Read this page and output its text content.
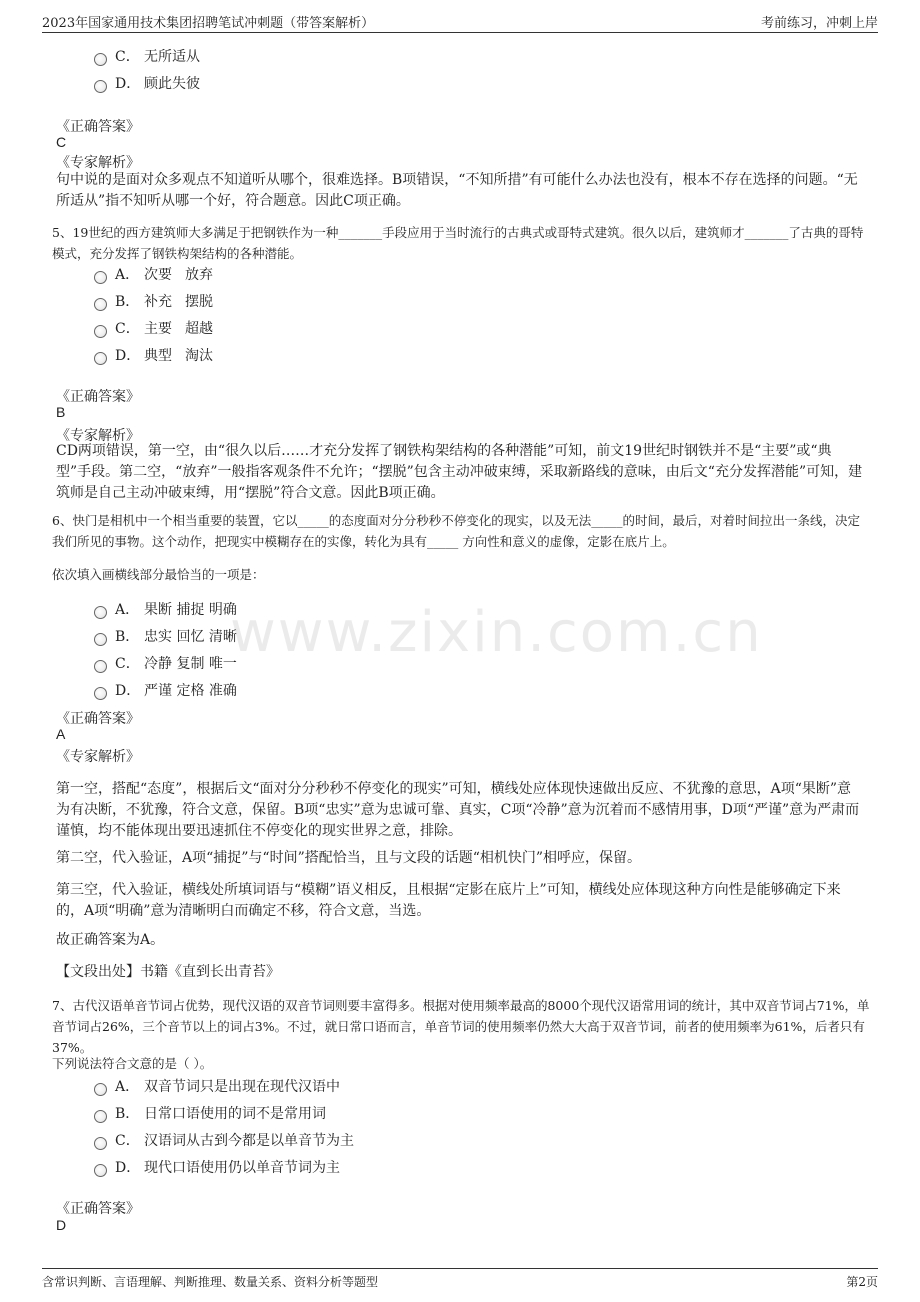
2023年国家通用技术集团招聘笔试冲刺题（带答案解析）	考前练习，冲刺上岸
www.zixin.com.cn
C． 无所适从
D． 顾此失彼
《正确答案》
C
《专家解析》
句中说的是面对众多观点不知道听从哪个，很难选择。B项错误，“不知所措”有可能什么办法也没有，根本不存在选择的问题。“无所适从”指不知听从哪一个好，符合题意。因此C项正确。
5、19世纪的西方建筑师大多满足于把钢铁作为一种_______手段应用于当时流行的古典式或哥特式建筑。很久以后，建筑师才_______了古典的哥特模式，充分发挥了钢铁构架结构的各种潜能。
A． 次要 放弃
B． 补充 摆脱
C． 主要 超越
D． 典型 淘汰
《正确答案》
B
《专家解析》
CD两项错误，第一空，由“很久以后……才充分发挥了钢铁构架结构的各种潜能”可知，前文19世纪时钢铁并不是“主要”或“典型”手段。第二空，“放弃”一般指客观条件不允许；“摆脱”包含主动冲破束缚，采取新路线的意味，由后文“充分发挥潜能”可知，建筑师是自己主动冲破束缚，用“摆脱”符合文意。因此B项正确。
6、快门是相机中一个相当重要的装置，它以_____的态度面对分分秒秒不停变化的现实，以及无法_____的时间，最后，对着时间拉出一条线，决定我们所见的事物。这个动作，把现实中模糊存在的实像，转化为具有_____ 方向性和意义的虚像，定影在底片上。
依次填入画横线部分最恰当的一项是：
A． 果断 捕捉 明确
B． 忠实 回忆 清晰
C． 冷静 复制 唯一
D． 严谨 定格 准确
《正确答案》
A
《专家解析》
第一空，搭配“态度”，根据后文“面对分分秒秒不停变化的现实”可知，横线处应体现快速做出反应、不犹豫的意思，A项“果断”意为有决断，不犹豫，符合文意，保留。B项“忠实”意为忠诚可靠、真实，C项“冷静”意为沉着而不感情用事，D项“严谨”意为严肃而谨慎，均不能体现出要迅速抓住不停变化的现实世界之意，排除。
第二空，代入验证，A项“捕捉”与“时间”搭配恰当，且与文段的话题“相机快门”相呼应，保留。
第三空，代入验证，横线处所填词语与“模糊”语义相反，且根据“定影在底片上”可知，横线处应体现这种方向性是能够确定下来的，A项“明确”意为清晰明白而确定不移，符合文意，当选。
故正确答案为A。
【文段出处】书籍《直到长出青苔》
7、古代汉语单音节词占优势，现代汉语的双音节词则要丰富得多。根据对使用频率最高的8000个现代汉语常用词的统计，其中双音节词占71%，单音节词占26%，三个音节以上的词占3%。不过，就日常口语而言，单音节词的使用频率仍然大大高于双音节词，前者的使用频率为61%，后者只有37%。
下列说法符合文意的是（ ）。
A． 双音节词只是出现在现代汉语中
B． 日常口语使用的词不是常用词
C． 汉语词从古到今都是以单音节为主
D． 现代口语使用仍以单音节词为主
《正确答案》
D
含常识判断、言语理解、判断推理、数量关系、资料分析等题型	第2页
